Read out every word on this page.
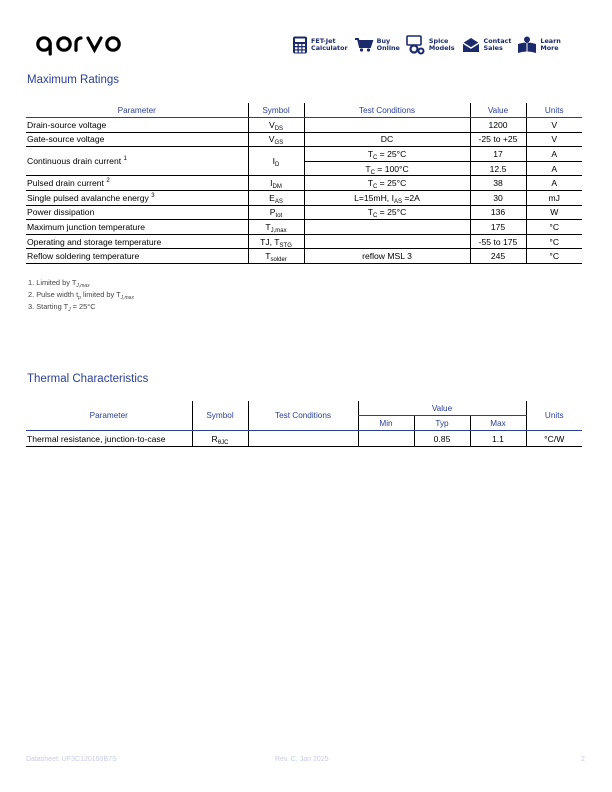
FET-Jet
Calculator
Buy
Online
Spice
Models
Contact
Sales
Learn
More
Maximum Ratings
Parameter	Symbol	Test Conditions	Value	Units
Drain-source voltage	$V_{DS}$		1200	V
Gate-source voltage	$V_{GS}$	DC	-25 to +25	V
Continuous drain current $^1$	$I_D$	$T_C = 25^\circ C$	17	A
		$T_C = 100^\circ C$	12.5	A
Pulsed drain current $^2$	$I_{DM}$	$T_C = 25^\circ C$	38	A
Single pulsed avalanche energy $^3$	$E_{AS}$	L=15mH, $I_{AS} =2A$	30	mJ
Power dissipation	$P_{tot}$	$T_C = 25^\circ C$	136	W
Maximum junction temperature	$T_{J,max}$		175	°C
Operating and storage temperature	TJ, $T_{STG}$		-55 to 175	°C
Reflow soldering temperature	$T_{solder}$	reflow MSL 3	245	°C
1. Limited by $T_{J,max}$
2. Pulse width $t_p$ limited by $T_{J,max}$
3. Starting $T_J = 25^\circ C$
Thermal Characteristics
Parameter	Symbol	Test Conditions	Value			Units
			Min	Typ	Max	
Thermal resistance, junction-to-case	$R_{\theta JC}$			0.85	1.1	°C/W
Datasheet: UF3C120150B7S	Rev. C, Jan 2025	2
